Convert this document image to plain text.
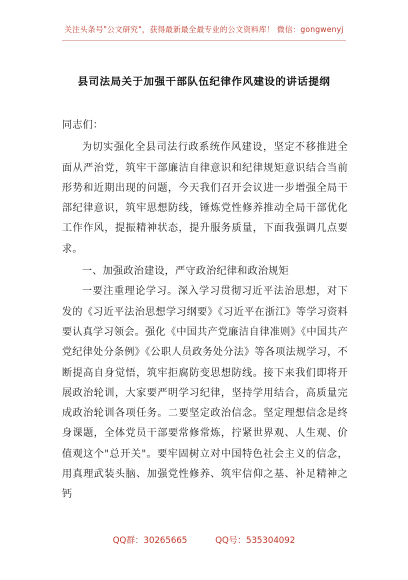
关注头条号"公文研究"，获得最新最全最专业的公文资料库！ 微信：gongwenyj
县司法局关于加强干部队伍纪律作风建设的讲话提纲

同志们：

为切实强化全县司法行政系统作风建设，坚定不移推进全面从严治党，筑牢干部廉洁自律意识和纪律规矩意识结合当前形势和近期出现的问题，今天我们召开会议进一步增强全局干部纪律意识，筑牢思想防线，锤炼党性修养推动全局干部优化工作作风，提振精神状态，提升服务质量，下面我强调几点要求。

一、加强政治建设，严守政治纪律和政治规矩

一要注重理论学习。深入学习贯彻习近平法治思想，对下发的《习近平法治思想学习纲要》《习近平在浙江》等学习资料要认真学习领会。强化《中国共产党廉洁自律准则》《中国共产党纪律处分条例》《公职人员政务处分法》等各项法规学习，不断提高自身觉悟，筑牢拒腐防变思想防线。接下来我们即将开展政治轮训，大家要严明学习纪律，坚持学用结合，高质量完成政治轮训各项任务。二要坚定政治信念。坚定理想信念是终身课题，全体党员干部要常修常炼，拧紧世界观、人生观、价值观这个"总开关"。要牢固树立对中国特色社会主义的信念，用真理武装头脑、加强党性修养、筑牢信仰之基、补足精神之钙

QQ群：30265665	QQ号：535304092
